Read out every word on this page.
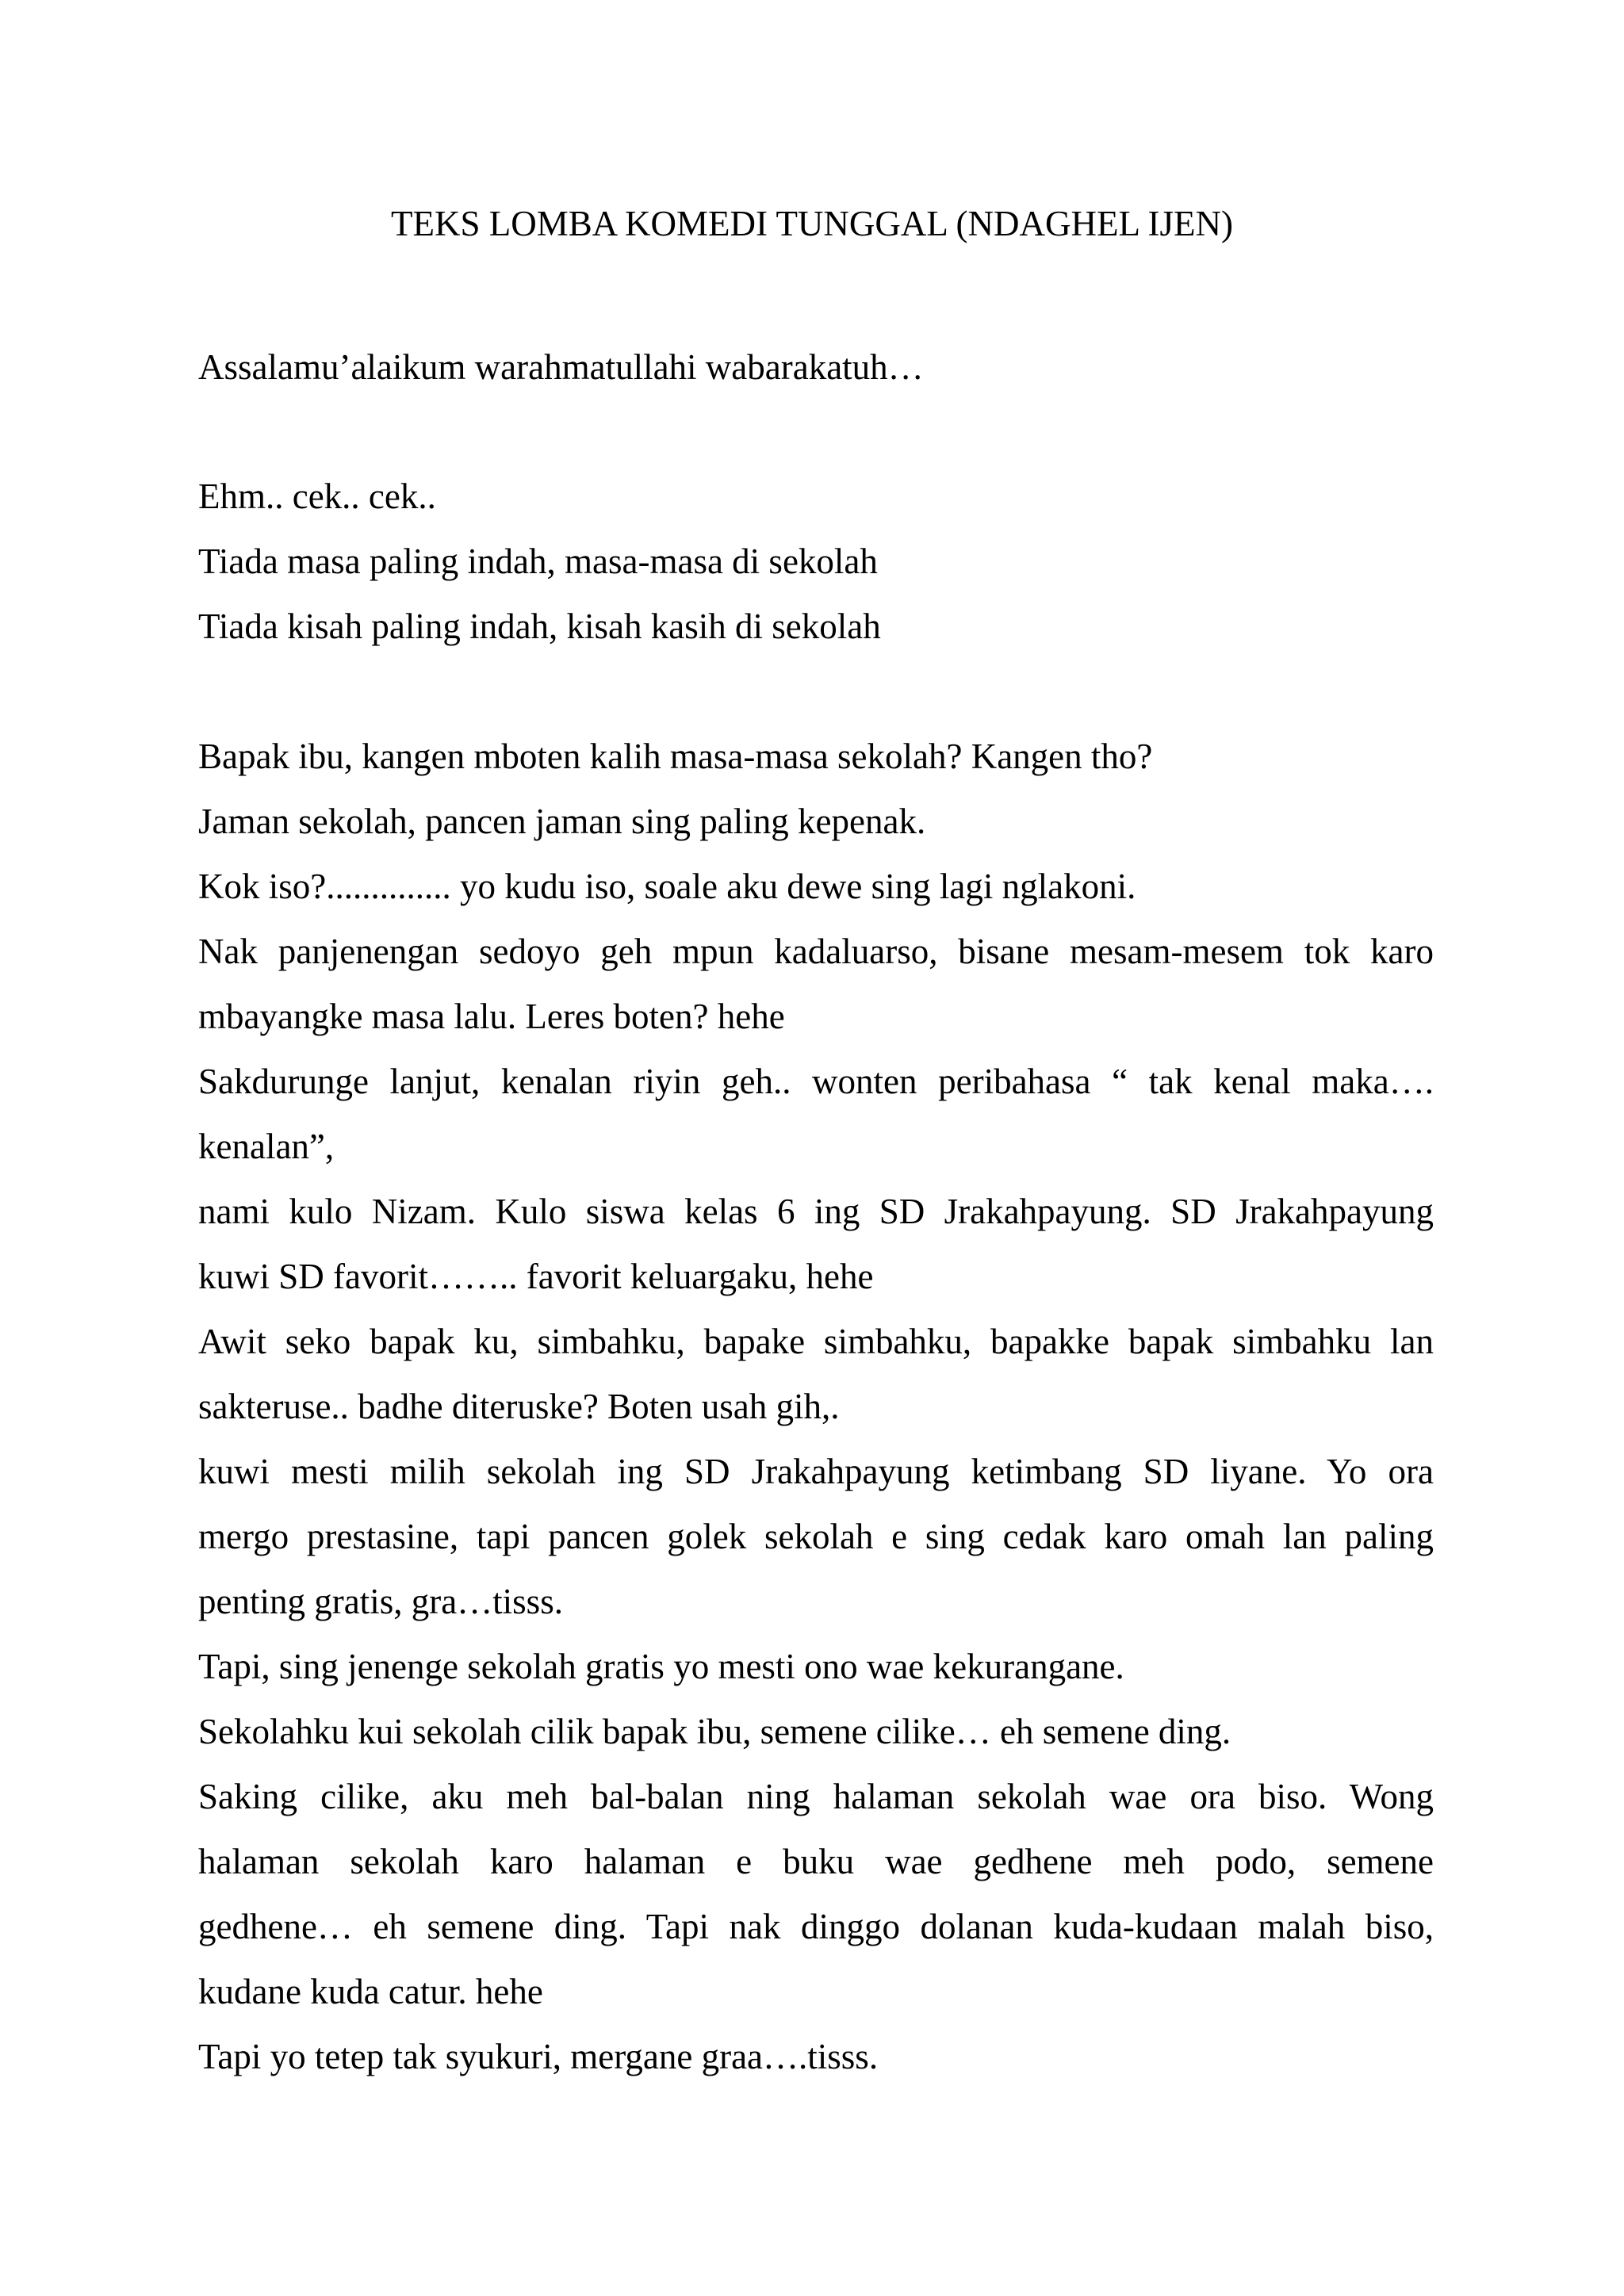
TEKS LOMBA KOMEDI TUNGGAL (NDAGHEL IJEN)
Assalamu’alaikum warahmatullahi wabarakatuh…
Ehm.. cek.. cek..
Tiada masa paling indah, masa-masa di sekolah
Tiada kisah paling indah, kisah kasih di sekolah
Bapak ibu, kangen mboten kalih masa-masa sekolah? Kangen tho?
Jaman sekolah, pancen jaman sing paling kepenak.
Kok iso?.............. yo kudu iso, soale aku dewe sing lagi nglakoni.
Nak panjenengan sedoyo geh mpun kadaluarso, bisane mesam-mesem tok karo
mbayangke masa lalu. Leres boten? hehe
Sakdurunge lanjut, kenalan riyin geh.. wonten peribahasa “ tak kenal maka….
kenalan”,
nami kulo Nizam. Kulo siswa kelas 6 ing SD Jrakahpayung. SD Jrakahpayung
kuwi SD favorit…….. favorit keluargaku, hehe
Awit seko bapak ku, simbahku, bapake simbahku, bapakke bapak simbahku lan
sakteruse.. badhe diteruske? Boten usah gih,.
kuwi mesti milih sekolah ing SD Jrakahpayung ketimbang SD liyane. Yo ora
mergo prestasine, tapi pancen golek sekolah e sing cedak karo omah lan paling
penting gratis, gra…tisss.
Tapi, sing jenenge sekolah gratis yo mesti ono wae kekurangane.
Sekolahku kui sekolah cilik bapak ibu, semene cilike… eh semene ding.
Saking cilike, aku meh bal-balan ning halaman sekolah wae ora biso. Wong
halaman sekolah karo halaman e buku wae gedhene meh podo, semene
gedhene… eh semene ding. Tapi nak dinggo dolanan kuda-kudaan malah biso,
kudane kuda catur. hehe
Tapi yo tetep tak syukuri, mergane graa….tisss.
